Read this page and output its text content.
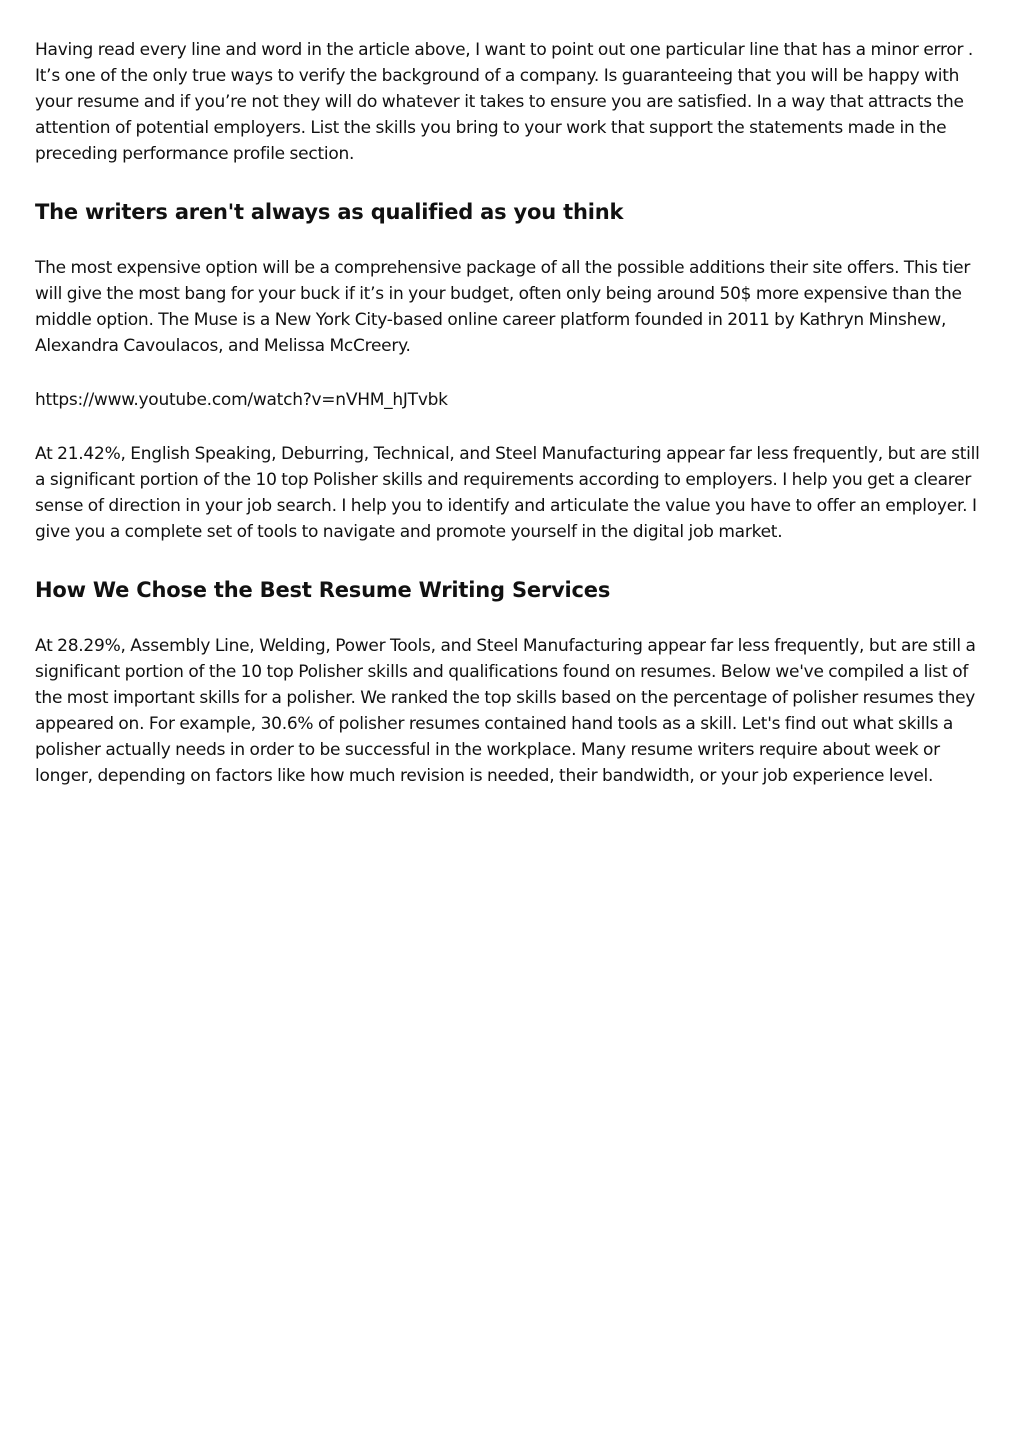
Having read every line and word in the article above, I want to point out one particular line that has a minor error . It’s one of the only true ways to verify the background of a company. Is guaranteeing that you will be happy with your resume and if you’re not they will do whatever it takes to ensure you are satisfied. In a way that attracts the attention of potential employers. List the skills you bring to your work that support the statements made in the preceding performance profile section.

The writers aren't always as qualified as you think

The most expensive option will be a comprehensive package of all the possible additions their site offers. This tier will give the most bang for your buck if it’s in your budget, often only being around 50$ more expensive than the middle option. The Muse is a New York City-based online career platform founded in 2011 by Kathryn Minshew, Alexandra Cavoulacos, and Melissa McCreery.

https://www.youtube.com/watch?v=nVHM_hJTvbk

At 21.42%, English Speaking, Deburring, Technical, and Steel Manufacturing appear far less frequently, but are still a significant portion of the 10 top Polisher skills and requirements according to employers. I help you get a clearer sense of direction in your job search. I help you to identify and articulate the value you have to offer an employer. I give you a complete set of tools to navigate and promote yourself in the digital job market.

How We Chose the Best Resume Writing Services

At 28.29%, Assembly Line, Welding, Power Tools, and Steel Manufacturing appear far less frequently, but are still a significant portion of the 10 top Polisher skills and qualifications found on resumes. Below we've compiled a list of the most important skills for a polisher. We ranked the top skills based on the percentage of polisher resumes they appeared on. For example, 30.6% of polisher resumes contained hand tools as a skill. Let's find out what skills a polisher actually needs in order to be successful in the workplace. Many resume writers require about week or longer, depending on factors like how much revision is needed, their bandwidth, or your job experience level.
